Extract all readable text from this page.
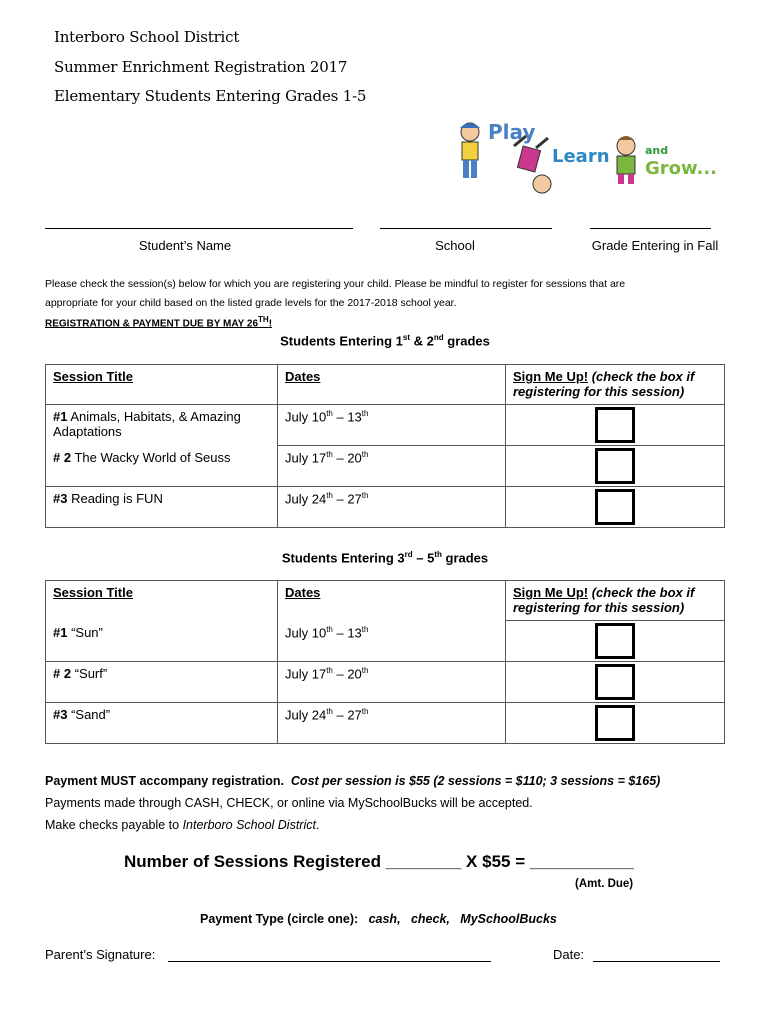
Interboro School District
Summer Enrichment Registration 2017
Elementary Students Entering Grades 1-5
Play
Learn	and
Grow...
Student’s Name	School	Grade Entering in Fall
Please check the session(s) below for which you are registering your child. Please be mindful to register for sessions that are
appropriate for your child based on the listed grade levels for the 2017-2018 school year.
REGISTRATION & PAYMENT DUE BY MAY 26TH!
Students Entering 1st & 2nd grades
Session Title	Dates	Sign Me Up! (check the box if registering for this session)
#1 Animals, Habitats, & Amazing Adaptations	July 10th – 13th	

# 2 The Wacky World of Seuss	July 17th – 20th	

#3 Reading is FUN	July 24th – 27th	
Students Entering 3rd – 5th grades
Session Title	Dates	Sign Me Up! (check the box if registering for this session)
#1 “Sun”	July 10th – 13th	

# 2 “Surf”	July 17th – 20th	

#3 “Sand”	July 24th – 27th	
Payment MUST accompany registration. Cost per session is $55 (2 sessions = $110; 3 sessions = $165)
Payments made through CASH, CHECK, or online via MySchoolBucks will be accepted.
Make checks payable to Interboro School District.
Number of Sessions Registered ________ X $55 = ___________
(Amt. Due)
Payment Type (circle one): cash,   check,   MySchoolBucks
Parent’s Signature:	Date:
